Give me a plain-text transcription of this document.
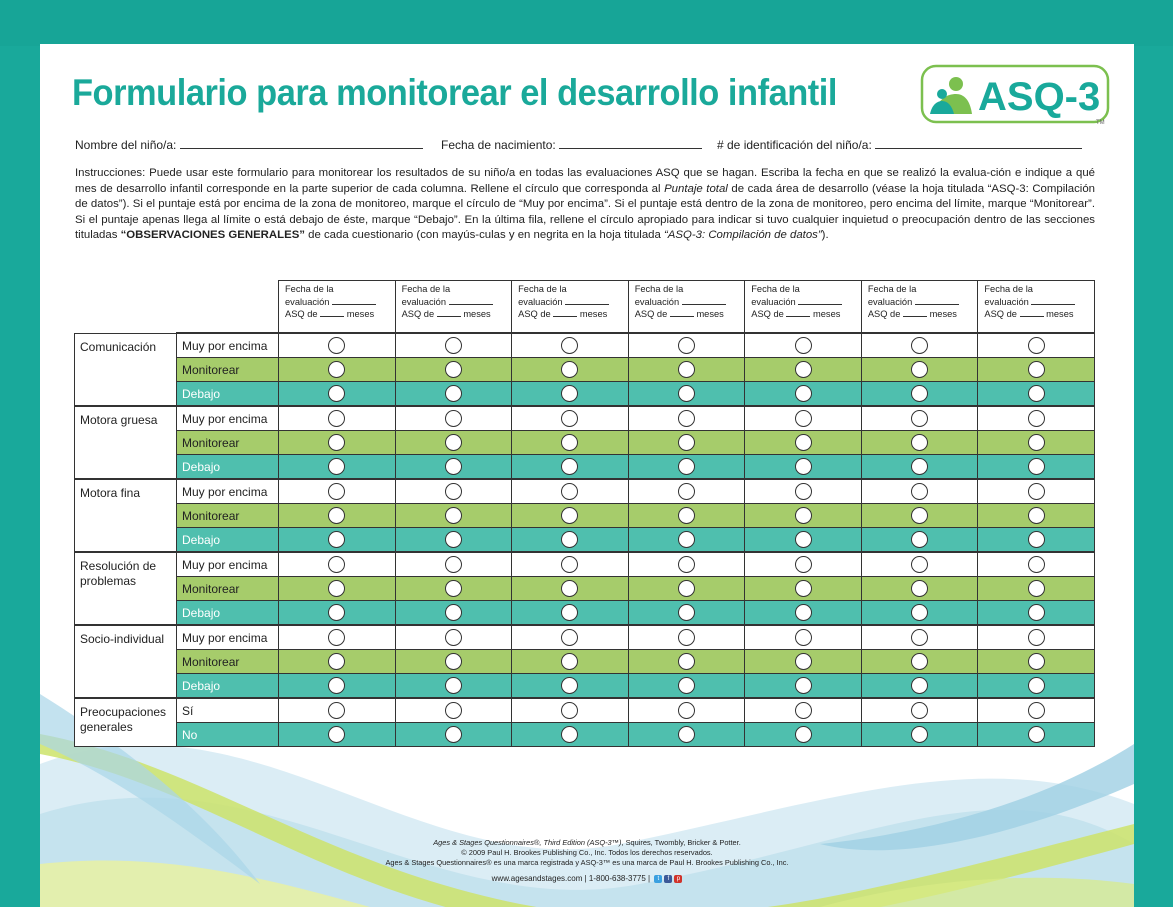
Formulario para monitorear el desarrollo infantil	ASQ-3
TM
Nombre del niño/a:	Fecha de nacimiento:	# de identificación del niño/a:
Instrucciones: Puede usar este formulario para monitorear los resultados de su niño/a en todas las evaluaciones ASQ que se hagan. Escriba la fecha en que se realizó la evalua-ción e indique a qué mes de desarrollo infantil corresponde en la parte superior de cada columna. Rellene el círculo que corresponda al Puntaje total de cada área de desarrollo (véase la hoja titulada “ASQ-3: Compilación de datos”). Si el puntaje está por encima de la zona de monitoreo, marque el círculo de “Muy por encima”. Si el puntaje está dentro de la zona de monitoreo, pero encima del límite, marque “Monitorear”. Si el puntaje apenas llega al límite o está debajo de éste, marque “Debajo”. En la última fila, rellene el círculo apropiado para indicar si tuvo cualquier inquietud o preocupación dentro de las secciones tituladas “OBSERVACIONES GENERALES” de cada cuestionario (con mayús-culas y en negrita en la hoja titulada “ASQ-3: Compilación de datos”).
		Fecha de la
evaluación
ASQ de meses	Fecha de la
evaluación
ASQ de meses	Fecha de la
evaluación
ASQ de meses	Fecha de la
evaluación
ASQ de meses	Fecha de la
evaluación
ASQ de meses	Fecha de la
evaluación
ASQ de meses	Fecha de la
evaluación
ASQ de meses
Comunicación	Muy por encima							
	Monitorear							
	Debajo							
Motora gruesa	Muy por encima							
	Monitorear							
	Debajo							
Motora fina	Muy por encima							
	Monitorear							
	Debajo							
Resolución de problemas	Muy por encima							
	Monitorear							
	Debajo							
Socio-individual	Muy por encima							
	Monitorear							
	Debajo							
Preocupaciones generales	Sí							
	No							
Ages & Stages Questionnaires®, Third Edition (ASQ-3™), Squires, Twombly, Bricker & Potter.
© 2009 Paul H. Brookes Publishing Co., Inc. Todos los derechos reservados.
Ages & Stages Questionnaires® es una marca registrada y ASQ-3™ es una marca de Paul H. Brookes Publishing Co., Inc.
www.agesandstages.com | 1-800-638-3775 | t f p
